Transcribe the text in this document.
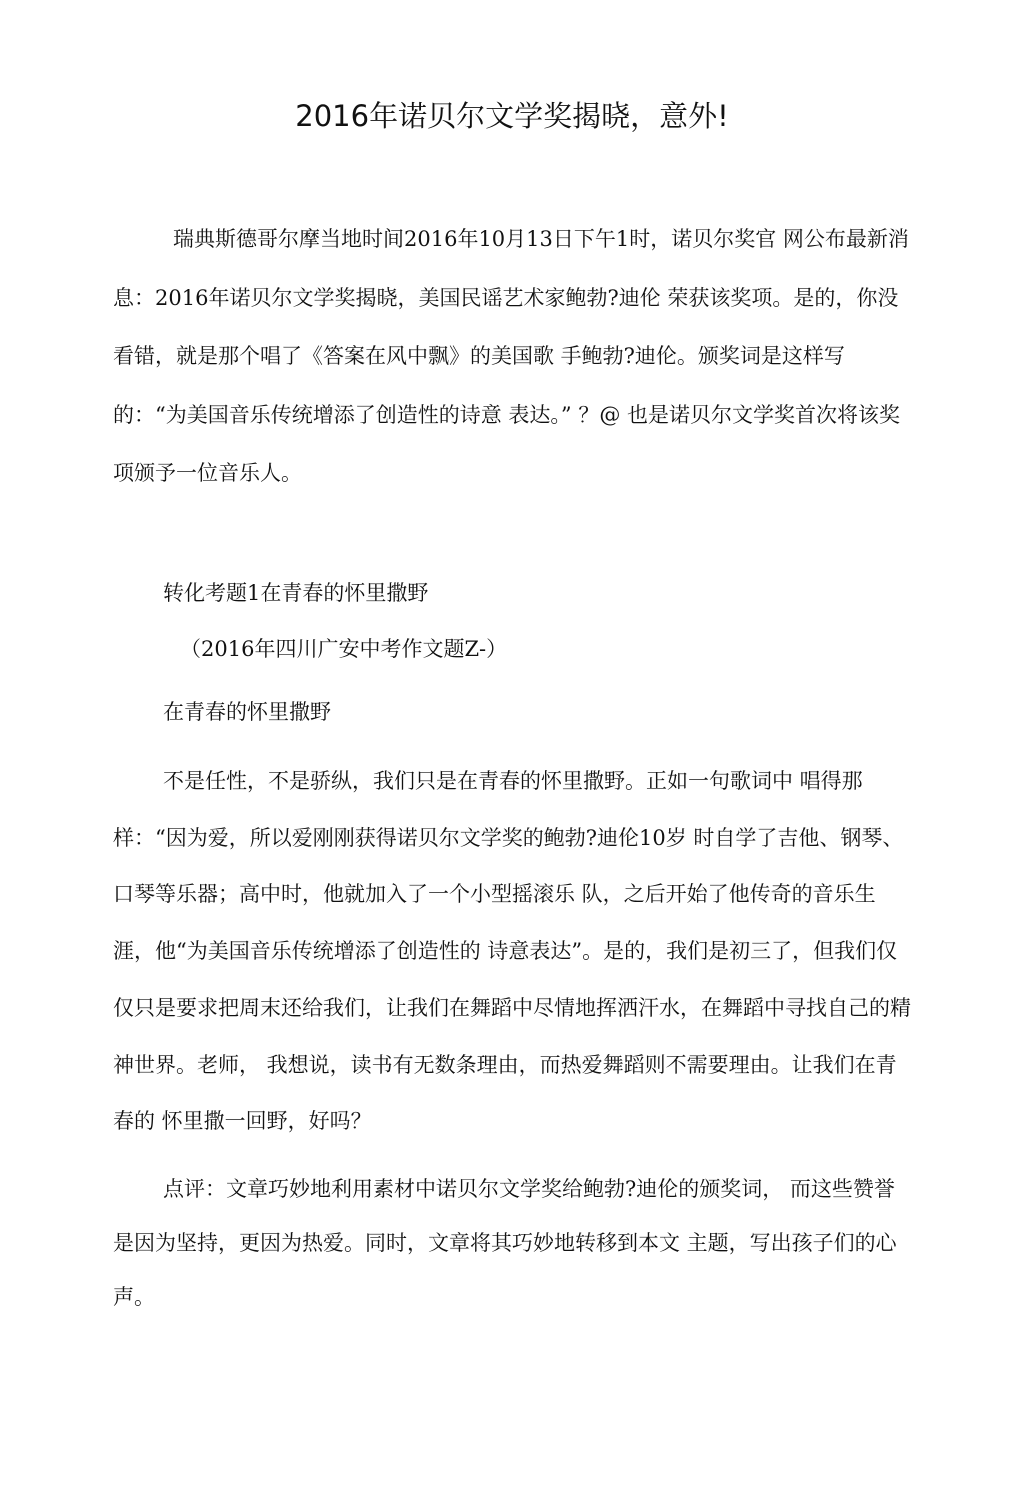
2016年诺贝尔文学奖揭晓，意外!

瑞典斯德哥尔摩当地时间2016年10月13日下午1时，诺贝尔奖官 网公布最新消息：2016年诺贝尔文学奖揭晓，美国民谣艺术家鲍勃?迪伦 荣获该奖项。是的，你没看错，就是那个唱了《答案在风中飘》的美国歌 手鲍勃?迪伦。颁奖词是这样写的：“为美国音乐传统增添了创造性的诗意 表达。” ？@ 也是诺贝尔文学奖首次将该奖项颁予一位音乐人。

转化考题1在青春的怀里撒野

（2016年四川广安中考作文题Z-）

在青春的怀里撒野

不是任性，不是骄纵，我们只是在青春的怀里撒野。正如一句歌词中 唱得那样：“因为爱，所以爱刚刚获得诺贝尔文学奖的鲍勃?迪伦10岁 时自学了吉他、钢琴、口琴等乐器；高中时，他就加入了一个小型摇滚乐 队，之后开始了他传奇的音乐生涯，他“为美国音乐传统增添了创造性的 诗意表达”。是的，我们是初三了，但我们仅仅只是要求把周末还给我们，让我们在舞蹈中尽情地挥洒汗水，在舞蹈中寻找自己的精神世界。老师， 我想说，读书有无数条理由，而热爱舞蹈则不需要理由。让我们在青春的 怀里撒一回野，好吗？

点评：文章巧妙地利用素材中诺贝尔文学奖给鲍勃?迪伦的颁奖词， 而这些赞誉是因为坚持，更因为热爱。同时，文章将其巧妙地转移到本文 主题，写出孩子们的心声。
